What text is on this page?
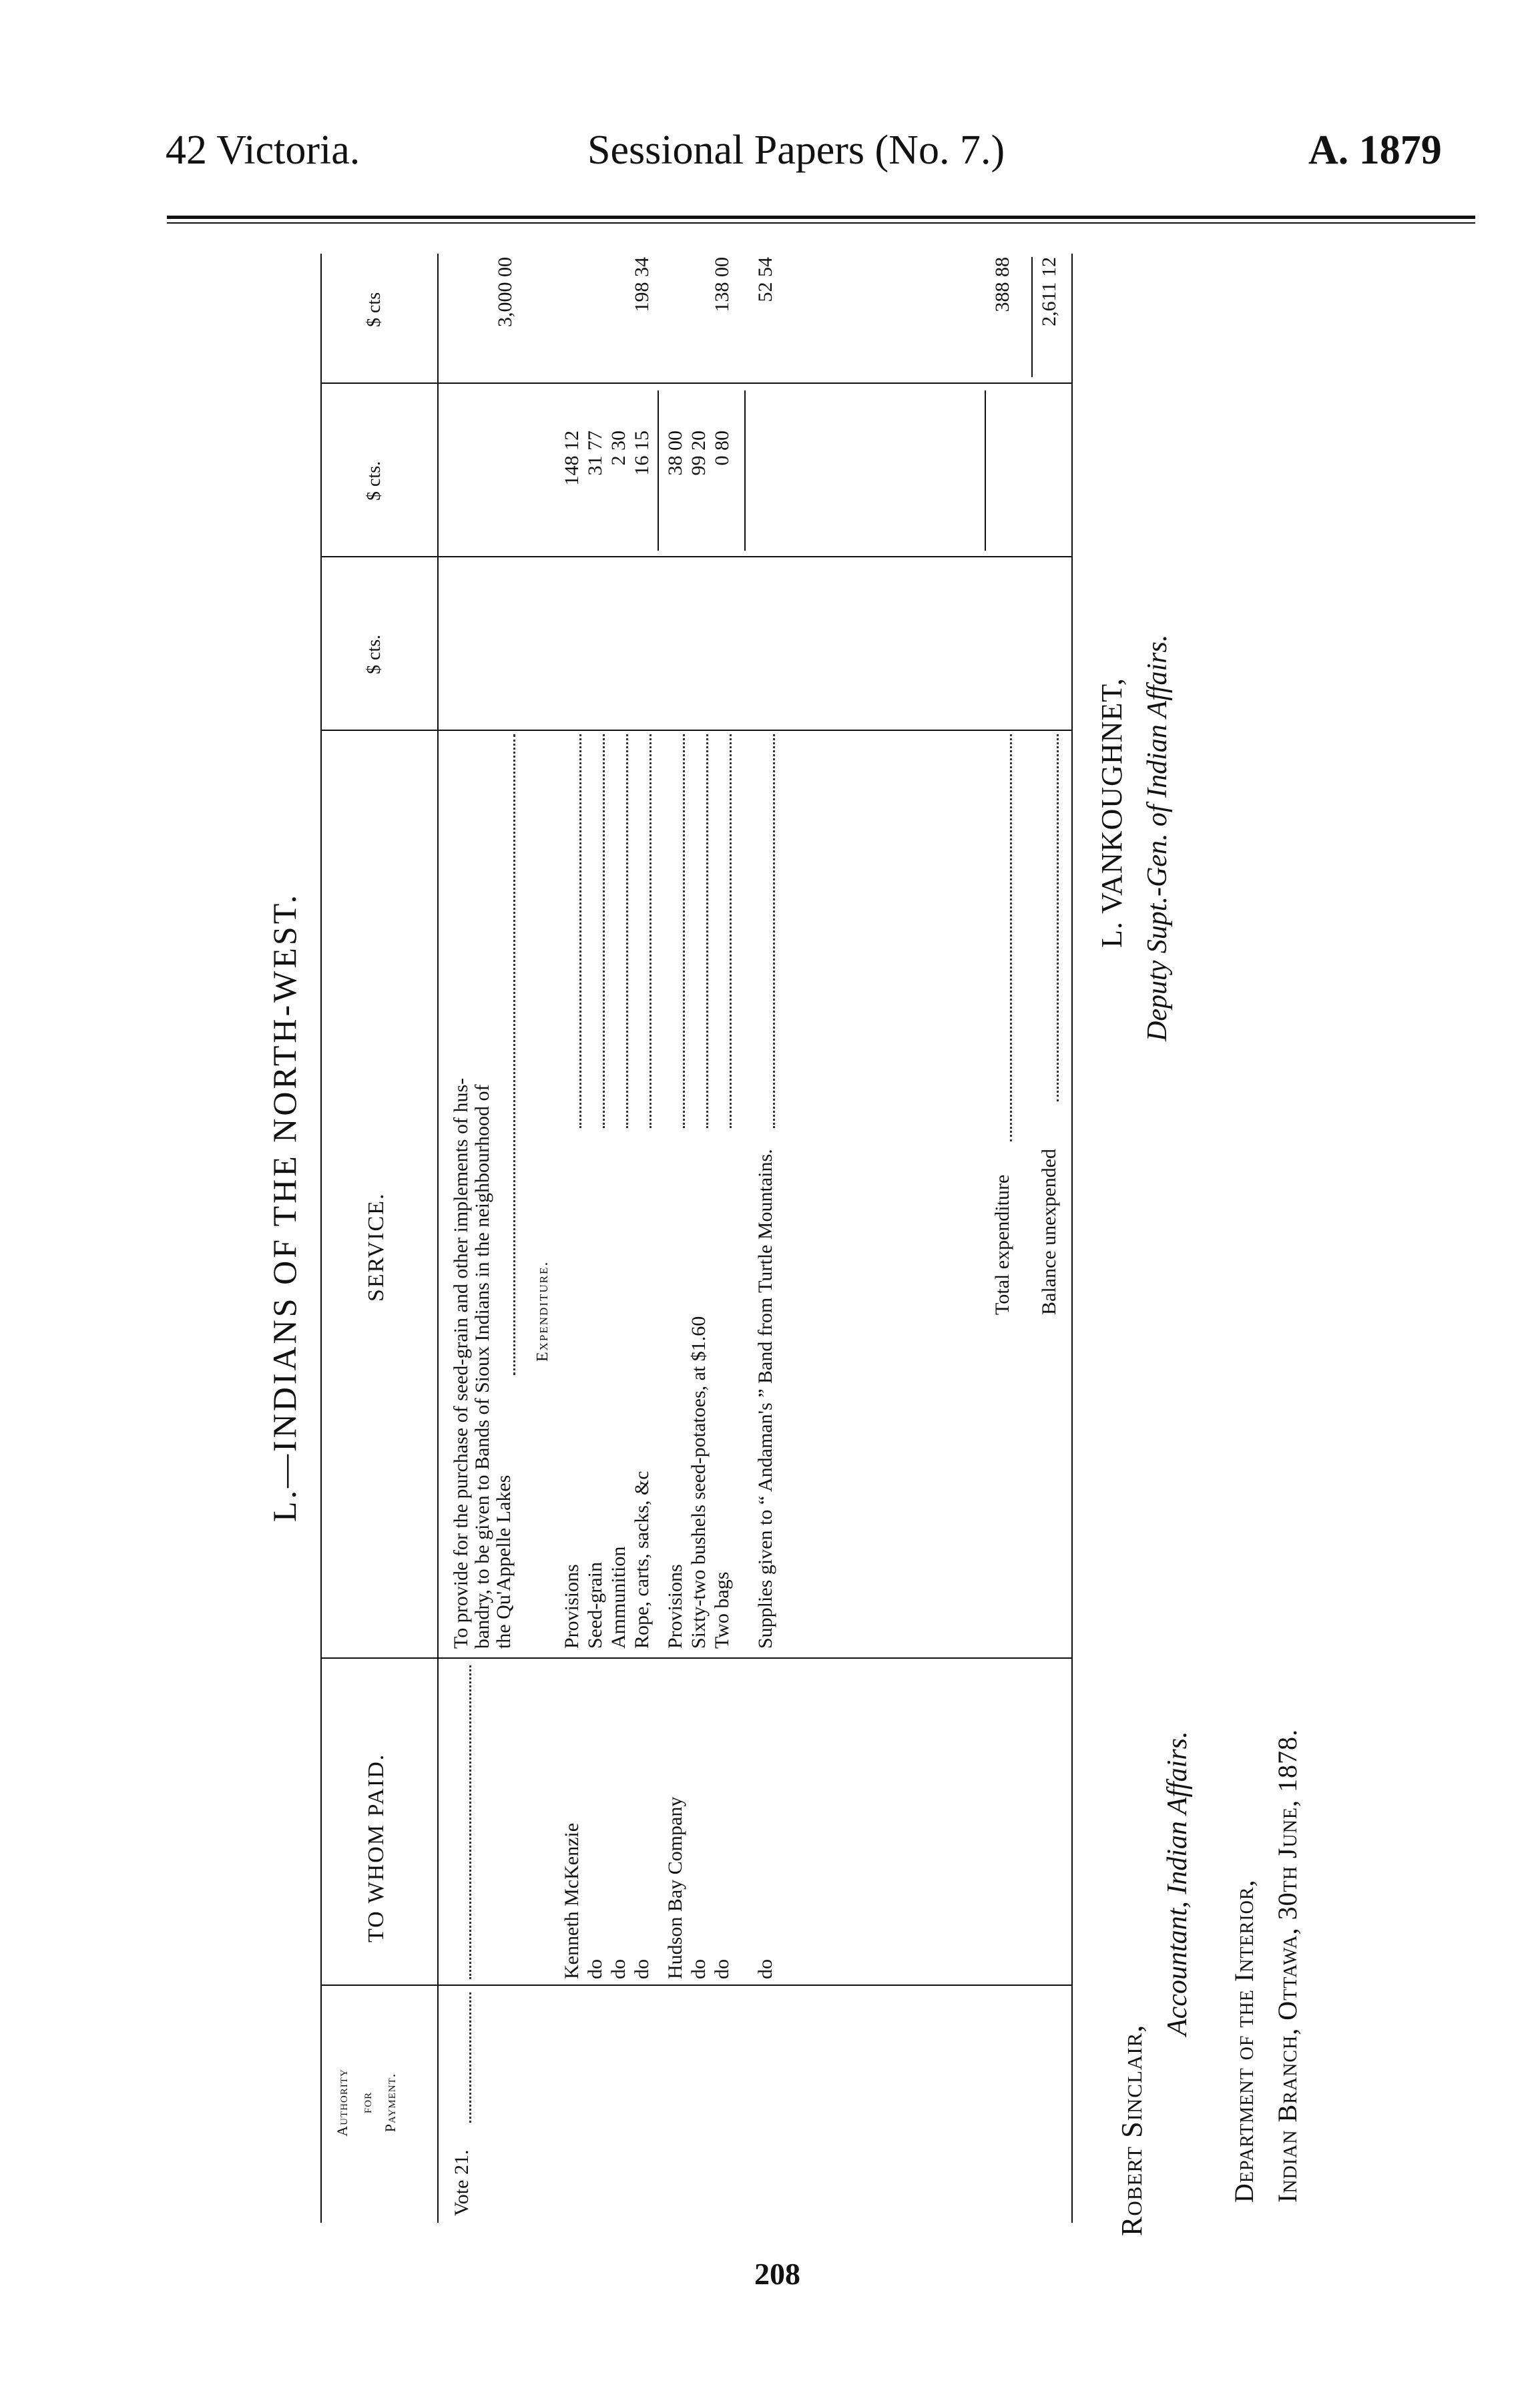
42 Victoria.	Sessional Papers (No. 7.)	A. 1879
L.—INDIANS OF THE NORTH-WEST.
Authority for Payment.
TO WHOM PAID.
SERVICE.
$ cts.
$ cts.
$ cts
Vote 21.
To provide for the purchase of seed-grain and other implements of hus- bandry, to be given to Bands of Sioux Indians in the neighbourhood of the Qu'Appelle Lakes
3,000 00
Expenditure.
Kenneth McKenzie
Provisions
148 12
do
Seed-grain
31 77
do
Ammunition
2 30
do
Rope, carts, sacks, &c
16 15
198 34
Hudson Bay Company
Provisions
38 00
do
Sixty-two bushels seed-potatoes, at $1.60
99 20
do
Two bags
0 80
138 00
do
Supplies given to “ Andaman's ” Band from Turtle Mountains.
52 54
Total expenditure
388 88
Balance unexpended
2,611 12
L. VANKOUGHNET, Deputy Supt.-Gen. of Indian Affairs.
Robert Sinclair,
Accountant, Indian Affairs. Department of the Interior, Indian Branch, Ottawa, 30th June, 1878.
208
